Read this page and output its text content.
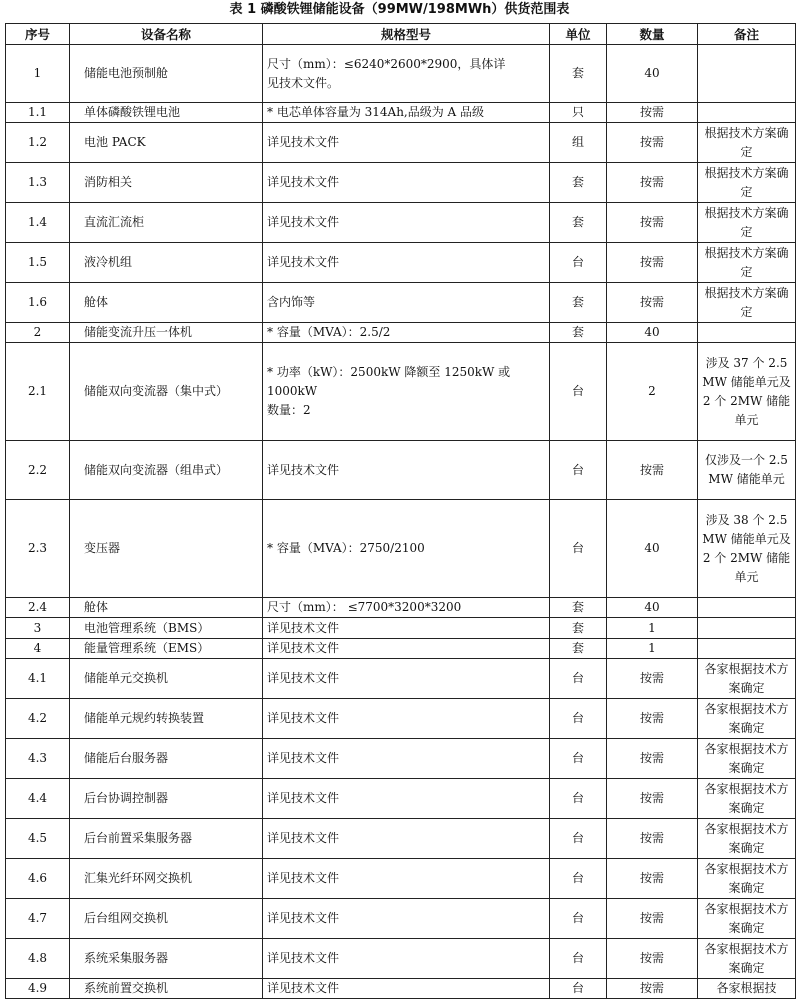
表 1 磷酸铁锂储能设备（99MW/198MWh）供货范围表
序号	设备名称	规格型号	单位	数量	备注
1	储能电池预制舱	尺寸（mm）：≤6240*2600*2900，具体详
见技术文件。	套	40	
1.1	单体磷酸铁锂电池	* 电芯单体容量为 314Ah,品级为 A 品级	只	按需	
1.2	电池 PACK	详见技术文件	组	按需	根据技术方案确定
1.3	消防相关	详见技术文件	套	按需	根据技术方案确定
1.4	直流汇流柜	详见技术文件	套	按需	根据技术方案确定
1.5	液冷机组	详见技术文件	台	按需	根据技术方案确定
1.6	舱体	含内饰等	套	按需	根据技术方案确定
2	储能变流升压一体机	* 容量（MVA）：2.5/2	套	40	
2.1	储能双向变流器（集中式）	* 功率（kW）：2500kW 降额至 1250kW 或
1000kW
数量：2	台	2	涉及 37 个 2.5MW 储能单元及 2 个 2MW 储能单元
2.2	储能双向变流器（组串式）	详见技术文件	台	按需	仅涉及一个 2.5MW 储能单元
2.3	变压器	* 容量（MVA）：2750/2100	台	40	涉及 38 个 2.5MW 储能单元及 2 个 2MW 储能单元
2.4	舱体	尺寸（mm）： ≤7700*3200*3200	套	40	
3	电池管理系统（BMS）	详见技术文件	套	1	
4	能量管理系统（EMS）	详见技术文件	套	1	
4.1	储能单元交换机	详见技术文件	台	按需	各家根据技术方案确定
4.2	储能单元规约转换装置	详见技术文件	台	按需	各家根据技术方案确定
4.3	储能后台服务器	详见技术文件	台	按需	各家根据技术方案确定
4.4	后台协调控制器	详见技术文件	台	按需	各家根据技术方案确定
4.5	后台前置采集服务器	详见技术文件	台	按需	各家根据技术方案确定
4.6	汇集光纤环网交换机	详见技术文件	台	按需	各家根据技术方案确定
4.7	后台组网交换机	详见技术文件	台	按需	各家根据技术方案确定
4.8	系统采集服务器	详见技术文件	台	按需	各家根据技术方案确定
4.9	系统前置交换机	详见技术文件	台	按需	各家根据技
